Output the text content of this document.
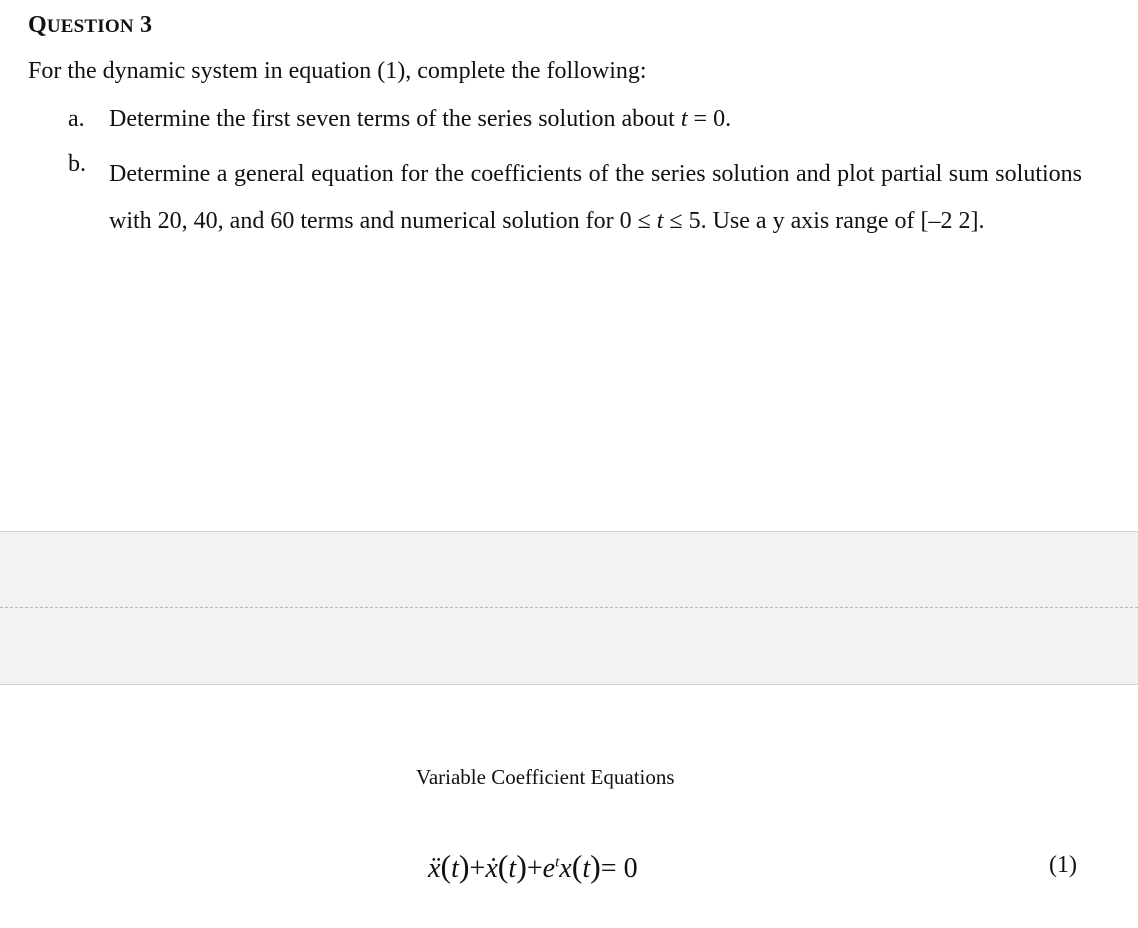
QUESTION 3
For the dynamic system in equation (1), complete the following:
a. Determine the first seven terms of the series solution about t = 0.
b. Determine a general equation for the coefficients of the series solution and plot partial sum solutions with 20, 40, and 60 terms and numerical solution for 0 ≤ t ≤ 5. Use a y axis range of [–2 2].
Variable Coefficient Equations
$ẍ(t)+ẋ(t)+e^tx(t)= 0$	(1)
